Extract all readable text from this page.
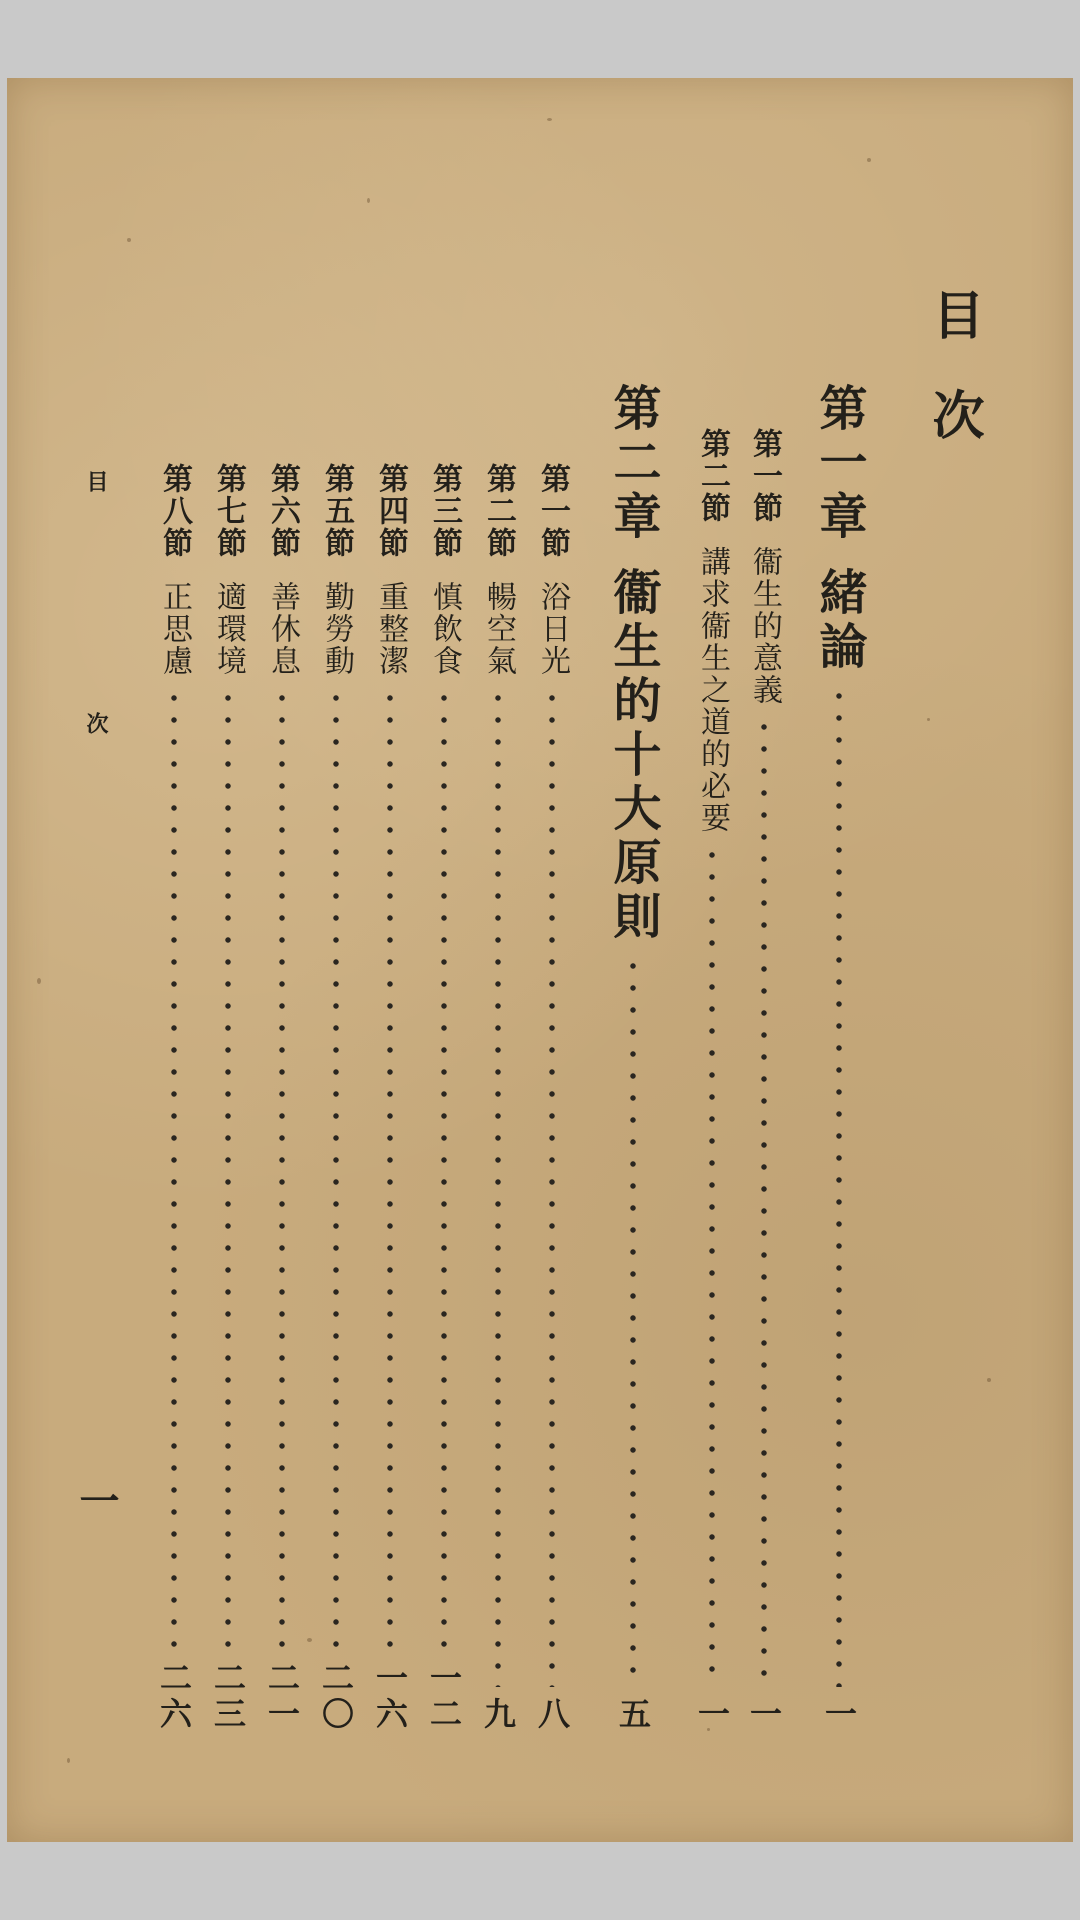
目次
第一章
緒論
一
第一節
衞生的意義
一
第二節
講求衞生之道的必要
一
第二章
衞生的十大原則
五
第一節
浴日光
八
第二節
暢空氣
九
第三節
慎飲食
一二
第四節
重整潔
一六
第五節
勤勞動
二〇
第六節
善休息
二一
第七節
適環境
二三
第八節
正思慮
二六
目次
一
